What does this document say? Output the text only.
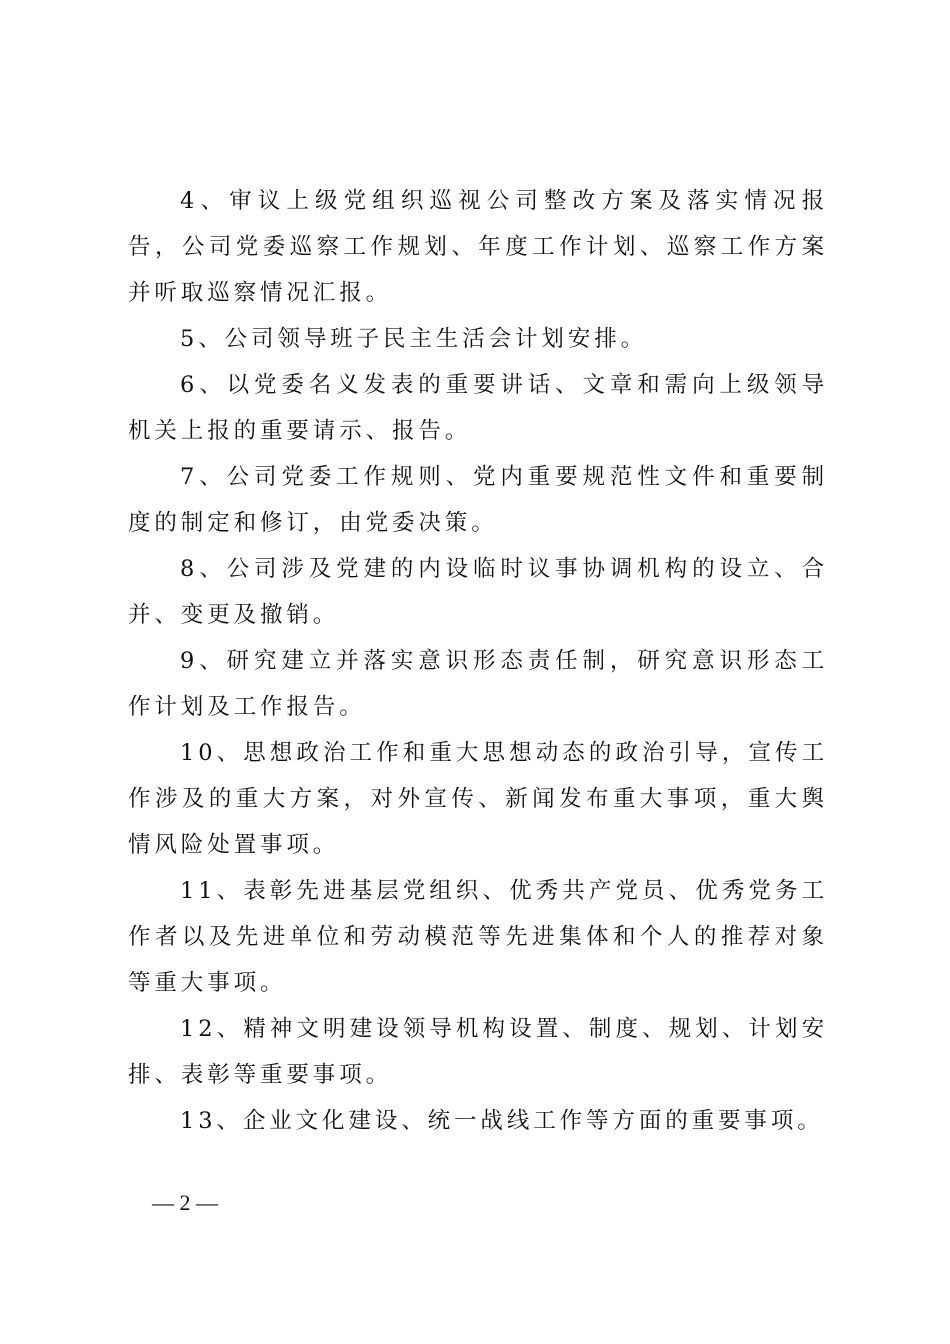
4、审议上级党组织巡视公司整改方案及落实情况报告，公司党委巡察工作规划、年度工作计划、巡察工作方案并听取巡察情况汇报。

5、公司领导班子民主生活会计划安排。

6、以党委名义发表的重要讲话、文章和需向上级领导机关上报的重要请示、报告。

7、公司党委工作规则、党内重要规范性文件和重要制度的制定和修订，由党委决策。

8、公司涉及党建的内设临时议事协调机构的设立、合并、变更及撤销。

9、研究建立并落实意识形态责任制，研究意识形态工作计划及工作报告。

10、思想政治工作和重大思想动态的政治引导，宣传工作涉及的重大方案，对外宣传、新闻发布重大事项，重大舆情风险处置事项。

11、表彰先进基层党组织、优秀共产党员、优秀党务工作者以及先进单位和劳动模范等先进集体和个人的推荐对象等重大事项。

12、精神文明建设领导机构设置、制度、规划、计划安排、表彰等重要事项。

13、企业文化建设、统一战线工作等方面的重要事项。

— 2 —
